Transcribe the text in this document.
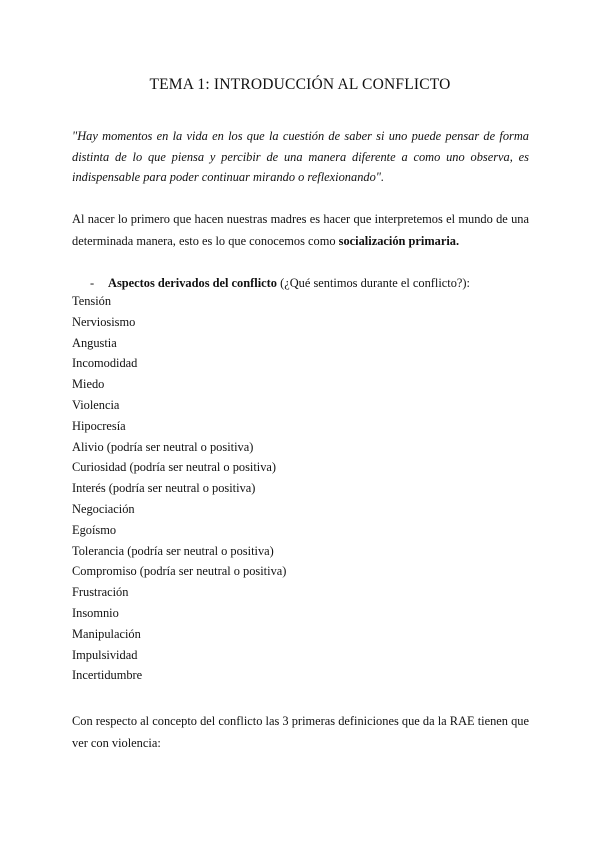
TEMA 1: INTRODUCCIÓN AL CONFLICTO

"Hay momentos en la vida en los que la cuestión de saber si uno puede pensar de forma distinta de lo que piensa y percibir de una manera diferente a como uno observa, es indispensable para poder continuar mirando o reflexionando".

Al nacer lo primero que hacen nuestras madres es hacer que interpretemos el mundo de una determinada manera, esto es lo que conocemos como socialización primaria.

- Aspectos derivados del conflicto (¿Qué sentimos durante el conflicto?):

Tensión
Nerviosismo
Angustia
Incomodidad
Miedo
Violencia
Hipocresía
Alivio (podría ser neutral o positiva)
Curiosidad (podría ser neutral o positiva)
Interés (podría ser neutral o positiva)
Negociación
Egoísmo
Tolerancia (podría ser neutral o positiva)
Compromiso (podría ser neutral o positiva)
Frustración
Insomnio
Manipulación
Impulsividad
Incertidumbre

Con respecto al concepto del conflicto las 3 primeras definiciones que da la RAE tienen que ver con violencia:
